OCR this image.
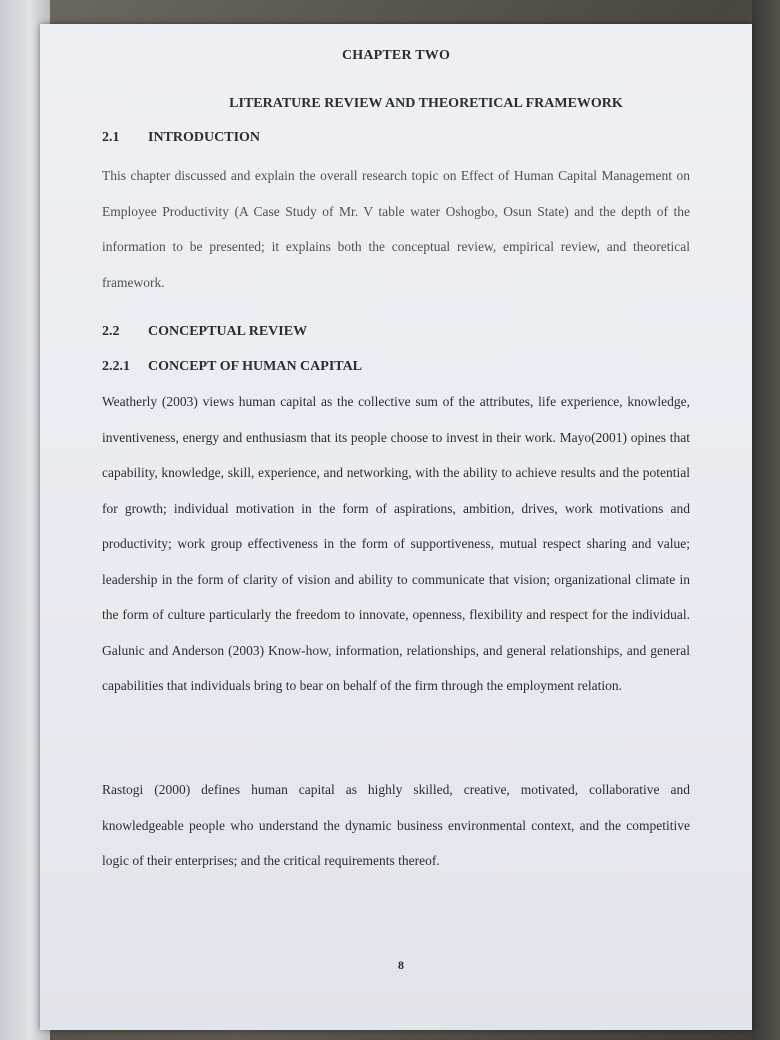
CHAPTER TWO
LITERATURE REVIEW AND THEORETICAL FRAMEWORK
2.1 INTRODUCTION

This chapter discussed and explain the overall research topic on Effect of Human Capital Management on Employee Productivity (A Case Study of Mr. V table water Oshogbo, Osun State) and the depth of the information to be presented; it explains both the conceptual review, empirical review, and theoretical framework.

2.2 CONCEPTUAL REVIEW
2.2.1 CONCEPT OF HUMAN CAPITAL

Weatherly (2003) views human capital as the collective sum of the attributes, life experience, knowledge, inventiveness, energy and enthusiasm that its people choose to invest in their work. Mayo(2001) opines that capability, knowledge, skill, experience, and networking, with the ability to achieve results and the potential for growth; individual motivation in the form of aspirations, ambition, drives, work motivations and productivity; work group effectiveness in the form of supportiveness, mutual respect sharing and value; leadership in the form of clarity of vision and ability to communicate that vision; organizational climate in the form of culture particularly the freedom to innovate, openness, flexibility and respect for the individual. Galunic and Anderson (2003) Know-how, information, relationships, and general relationships, and general capabilities that individuals bring to bear on behalf of the firm through the employment relation.

Rastogi (2000) defines human capital as highly skilled, creative, motivated, collaborative and knowledgeable people who understand the dynamic business environmental context, and the competitive logic of their enterprises; and the critical requirements thereof.

8
